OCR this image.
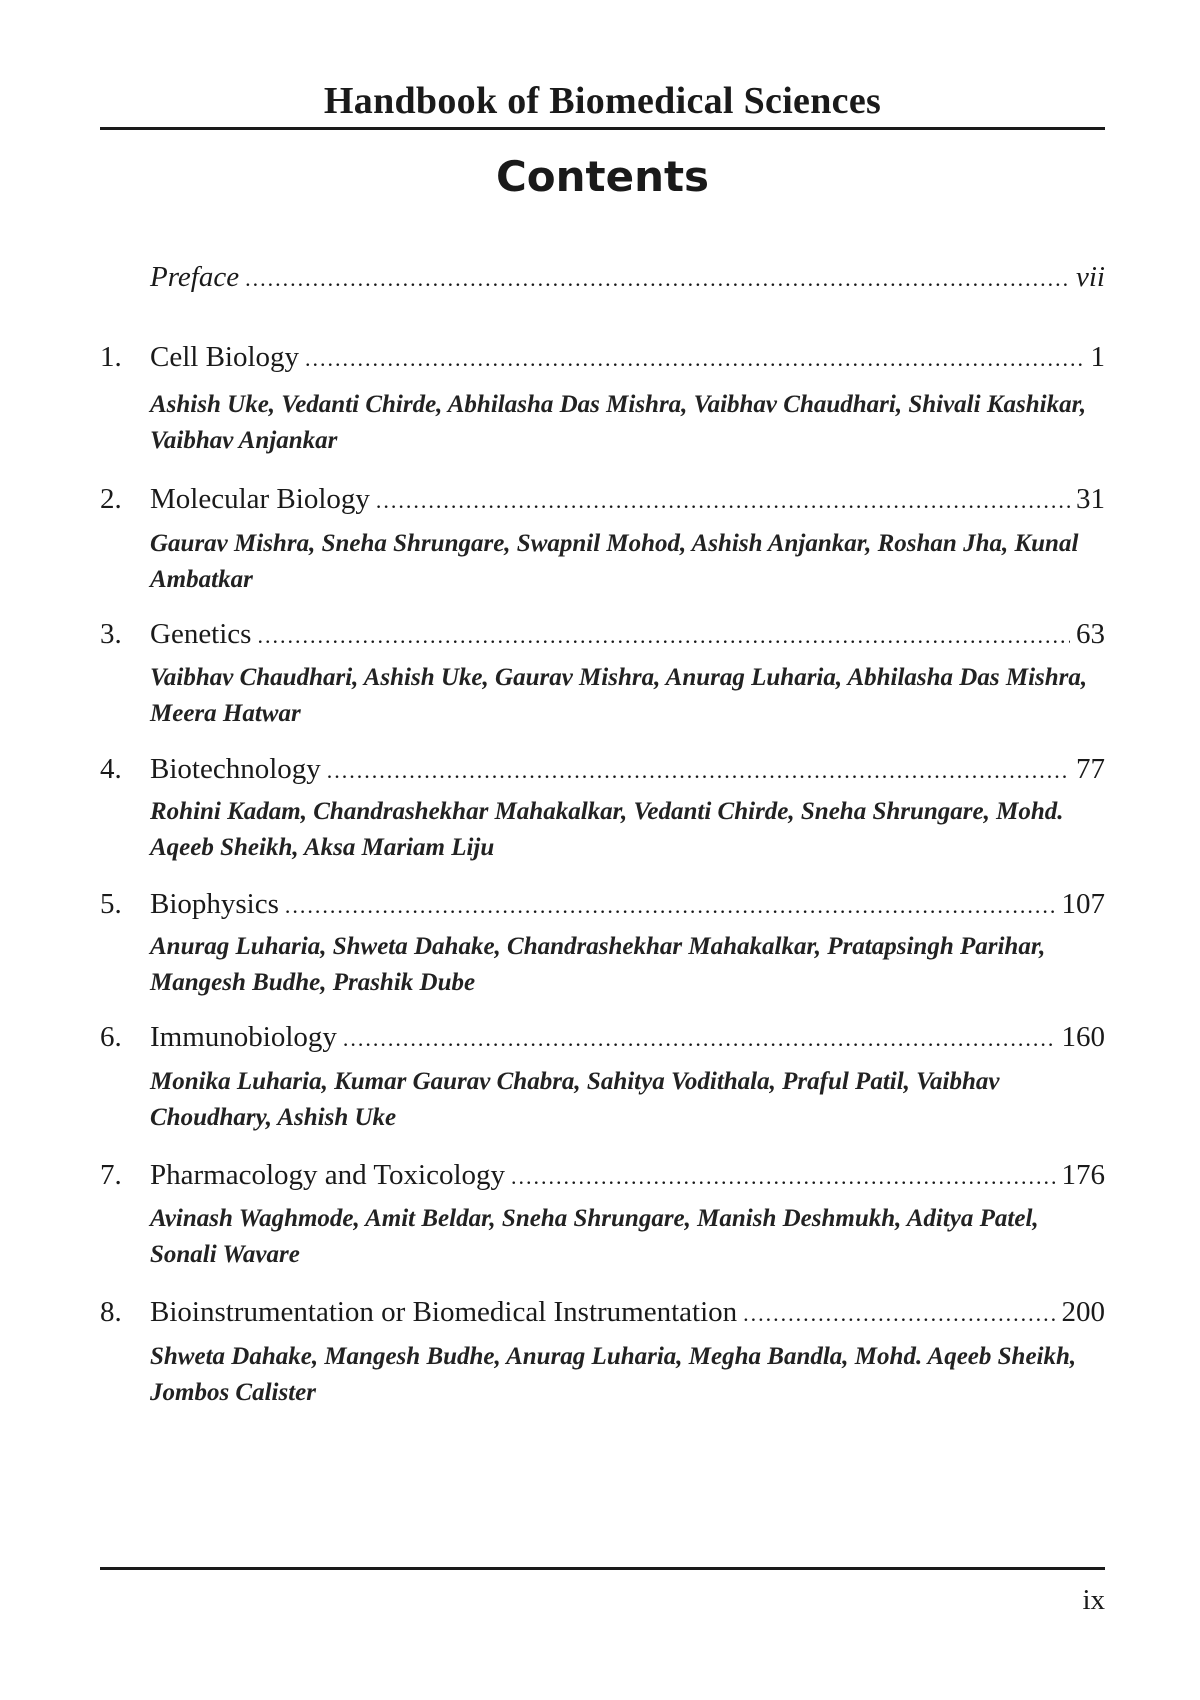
Handbook of Biomedical Sciences
Contents
Preface .....	vii
1. Cell Biology .....	1
Ashish Uke, Vedanti Chirde, Abhilasha Das Mishra, Vaibhav Chaudhari, Shivali Kashikar, Vaibhav Anjankar
2. Molecular Biology .....	31
Gaurav Mishra, Sneha Shrungare, Swapnil Mohod, Ashish Anjankar, Roshan Jha, Kunal Ambatkar
3. Genetics .....	63
Vaibhav Chaudhari, Ashish Uke, Gaurav Mishra, Anurag Luharia, Abhilasha Das Mishra, Meera Hatwar
4. Biotechnology .....	77
Rohini Kadam, Chandrashekhar Mahakalkar, Vedanti Chirde, Sneha Shrungare, Mohd. Aqeeb Sheikh, Aksa Mariam Liju
5. Biophysics .....	107
Anurag Luharia, Shweta Dahake, Chandrashekhar Mahakalkar, Pratapsingh Parihar, Mangesh Budhe, Prashik Dube
6. Immunobiology .....	160
Monika Luharia, Kumar Gaurav Chabra, Sahitya Vodithala, Praful Patil, Vaibhav Choudhary, Ashish Uke
7. Pharmacology and Toxicology .....	176
Avinash Waghmode, Amit Beldar, Sneha Shrungare, Manish Deshmukh, Aditya Patel, Sonali Wavare
8. Bioinstrumentation or Biomedical Instrumentation .....	200
Shweta Dahake, Mangesh Budhe, Anurag Luharia, Megha Bandla, Mohd. Aqeeb Sheikh, Jombos Calister
ix
